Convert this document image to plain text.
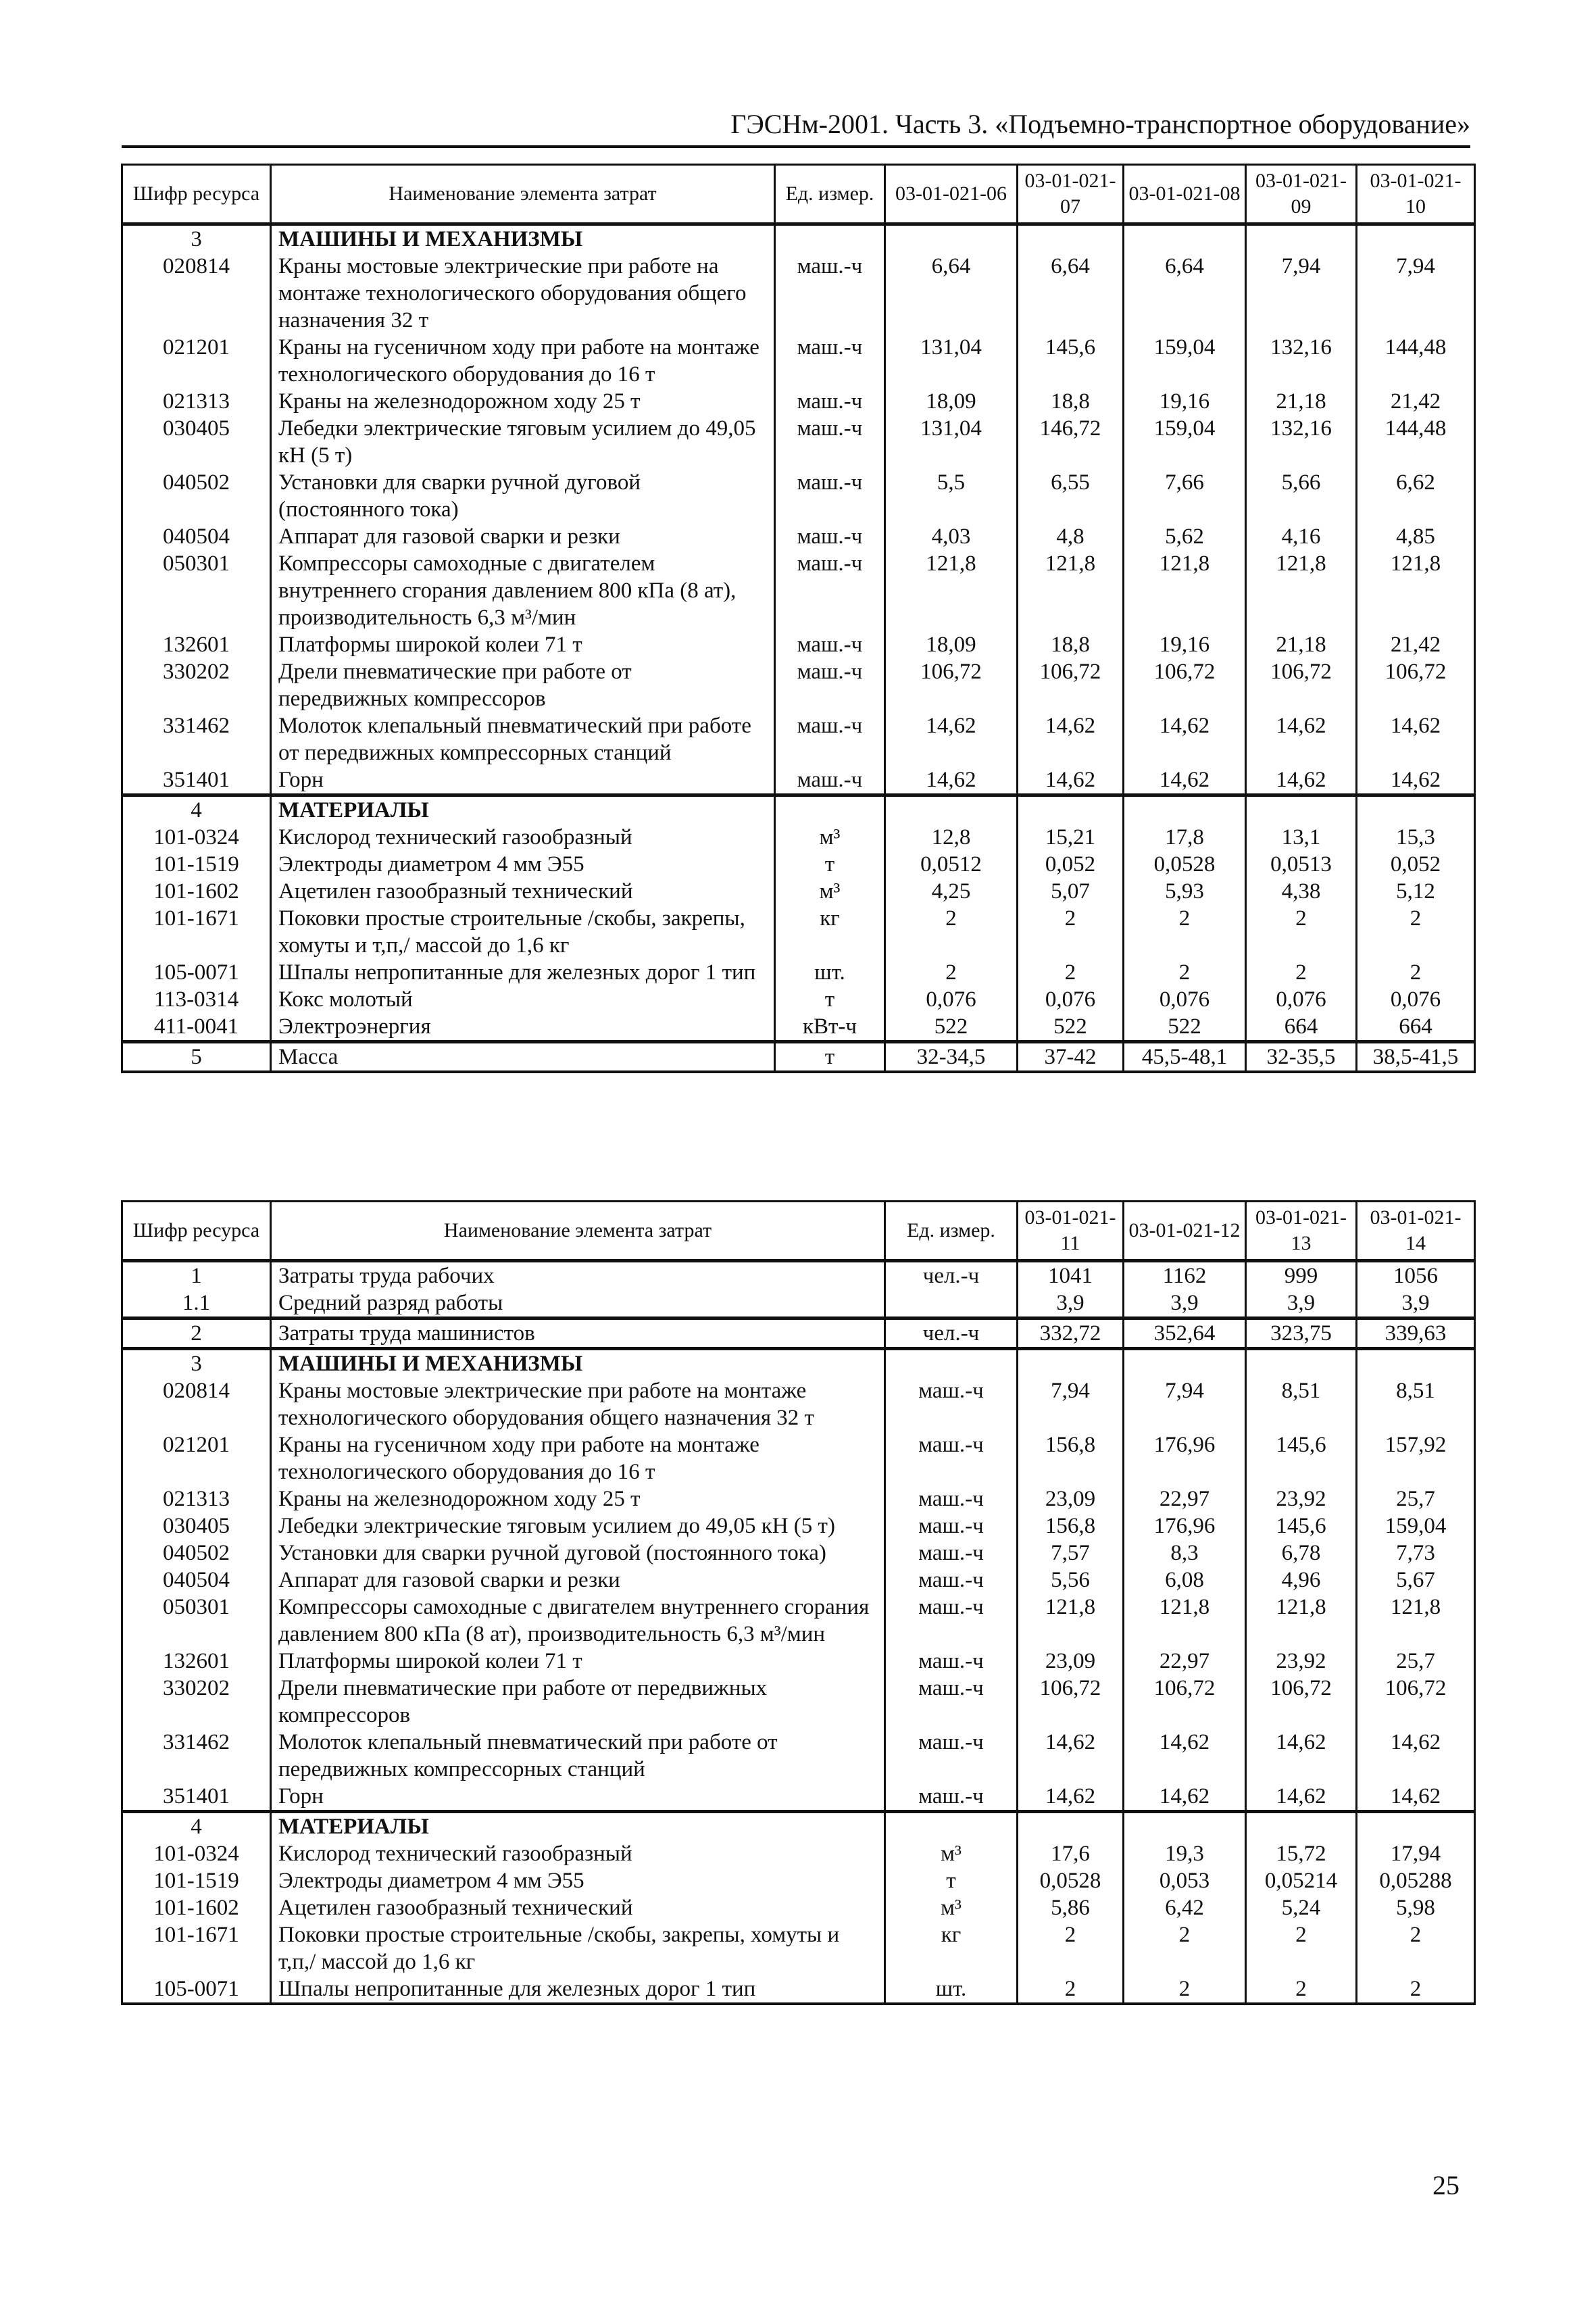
ГЭСНм-2001. Часть 3. «Подъемно-транспортное оборудование»
Шифр ресурса	Наименование элемента затрат	Ед. измер.	03-01-021-06	03-01-021-07	03-01-021-08	03-01-021-09	03-01-021-10
3	МАШИНЫ И МЕХАНИЗМЫ						
020814	Краны мостовые электрические при работе на монтаже технологического оборудования общего назначения 32 т	маш.-ч	6,64	6,64	6,64	7,94	7,94
021201	Краны на гусеничном ходу при работе на монтаже технологического оборудования до 16 т	маш.-ч	131,04	145,6	159,04	132,16	144,48
021313	Краны на железнодорожном ходу 25 т	маш.-ч	18,09	18,8	19,16	21,18	21,42
030405	Лебедки электрические тяговым усилием до 49,05 кН (5 т)	маш.-ч	131,04	146,72	159,04	132,16	144,48
040502	Установки для сварки ручной дуговой (постоянного тока)	маш.-ч	5,5	6,55	7,66	5,66	6,62
040504	Аппарат для газовой сварки и резки	маш.-ч	4,03	4,8	5,62	4,16	4,85
050301	Компрессоры самоходные с двигателем внутреннего сгорания давлением 800 кПа (8 ат), производительность 6,3 м³/мин	маш.-ч	121,8	121,8	121,8	121,8	121,8
132601	Платформы широкой колеи 71 т	маш.-ч	18,09	18,8	19,16	21,18	21,42
330202	Дрели пневматические при работе от передвижных компрессоров	маш.-ч	106,72	106,72	106,72	106,72	106,72
331462	Молоток клепальный пневматический при работе от передвижных компрессорных станций	маш.-ч	14,62	14,62	14,62	14,62	14,62
351401	Горн	маш.-ч	14,62	14,62	14,62	14,62	14,62
4	МАТЕРИАЛЫ						
101-0324	Кислород технический газообразный	м³	12,8	15,21	17,8	13,1	15,3
101-1519	Электроды диаметром 4 мм Э55	т	0,0512	0,052	0,0528	0,0513	0,052
101-1602	Ацетилен газообразный технический	м³	4,25	5,07	5,93	4,38	5,12
101-1671	Поковки простые строительные /скобы, закрепы, хомуты и т,п,/ массой до 1,6 кг	кг	2	2	2	2	2
105-0071	Шпалы непропитанные для железных дорог 1 тип	шт.	2	2	2	2	2
113-0314	Кокс молотый	т	0,076	0,076	0,076	0,076	0,076
411-0041	Электроэнергия	кВт-ч	522	522	522	664	664
5	Масса	т	32-34,5	37-42	45,5-48,1	32-35,5	38,5-41,5
Шифр ресурса	Наименование элемента затрат	Ед. измер.	03-01-021-11	03-01-021-12	03-01-021-13	03-01-021-14
1	Затраты труда рабочих	чел.-ч	1041	1162	999	1056
1.1	Средний разряд работы		3,9	3,9	3,9	3,9
2	Затраты труда машинистов	чел.-ч	332,72	352,64	323,75	339,63
3	МАШИНЫ И МЕХАНИЗМЫ					
020814	Краны мостовые электрические при работе на монтаже технологического оборудования общего назначения 32 т	маш.-ч	7,94	7,94	8,51	8,51
021201	Краны на гусеничном ходу при работе на монтаже технологического оборудования до 16 т	маш.-ч	156,8	176,96	145,6	157,92
021313	Краны на железнодорожном ходу 25 т	маш.-ч	23,09	22,97	23,92	25,7
030405	Лебедки электрические тяговым усилием до 49,05 кН (5 т)	маш.-ч	156,8	176,96	145,6	159,04
040502	Установки для сварки ручной дуговой (постоянного тока)	маш.-ч	7,57	8,3	6,78	7,73
040504	Аппарат для газовой сварки и резки	маш.-ч	5,56	6,08	4,96	5,67
050301	Компрессоры самоходные с двигателем внутреннего сгорания давлением 800 кПа (8 ат), производительность 6,3 м³/мин	маш.-ч	121,8	121,8	121,8	121,8
132601	Платформы широкой колеи 71 т	маш.-ч	23,09	22,97	23,92	25,7
330202	Дрели пневматические при работе от передвижных компрессоров	маш.-ч	106,72	106,72	106,72	106,72
331462	Молоток клепальный пневматический при работе от передвижных компрессорных станций	маш.-ч	14,62	14,62	14,62	14,62
351401	Горн	маш.-ч	14,62	14,62	14,62	14,62
4	МАТЕРИАЛЫ					
101-0324	Кислород технический газообразный	м³	17,6	19,3	15,72	17,94
101-1519	Электроды диаметром 4 мм Э55	т	0,0528	0,053	0,05214	0,05288
101-1602	Ацетилен газообразный технический	м³	5,86	6,42	5,24	5,98
101-1671	Поковки простые строительные /скобы, закрепы, хомуты и т,п,/ массой до 1,6 кг	кг	2	2	2	2
105-0071	Шпалы непропитанные для железных дорог 1 тип	шт.	2	2	2	2
25
